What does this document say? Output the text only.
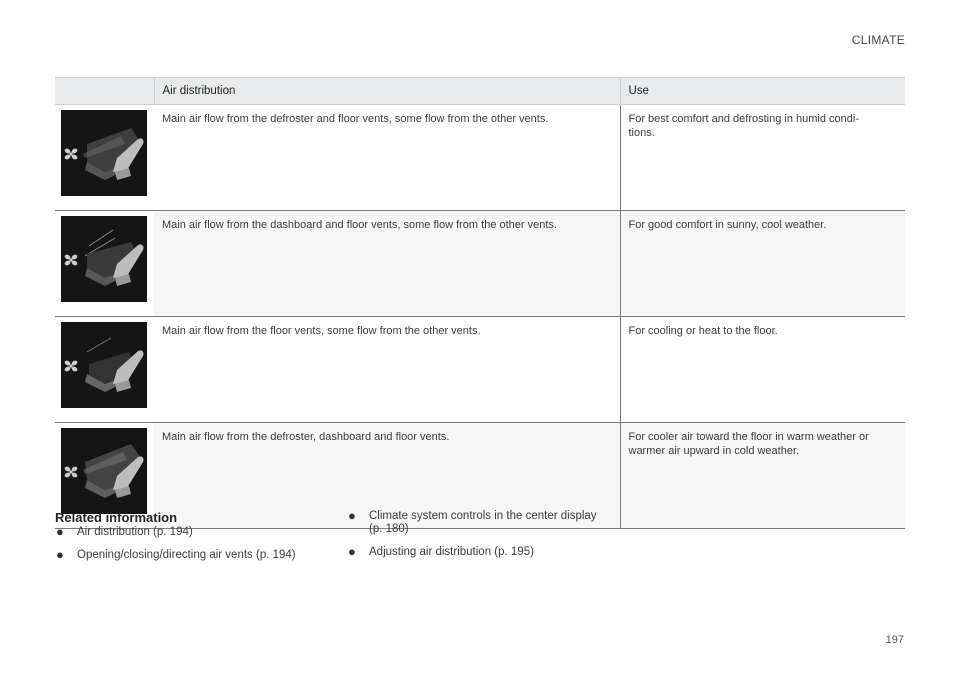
CLIMATE
	Air distribution	Use

	Main air flow from the defroster and floor vents, some flow from the other vents.	For best comfort and defrosting in humid condi-
tions.

	Main air flow from the dashboard and floor vents, some flow from the other vents.	For good comfort in sunny, cool weather.

	Main air flow from the floor vents, some flow from the other vents.	For cooling or heat to the floor.

	Main air flow from the defroster, dashboard and floor vents.	For cooler air toward the floor in warm weather or warmer air upward in cold weather.
Related information
● Air distribution (p. 194)
● Opening/closing/directing air vents (p. 194)
● Climate system controls in the center display (p. 180)
● Adjusting air distribution (p. 195)
197
